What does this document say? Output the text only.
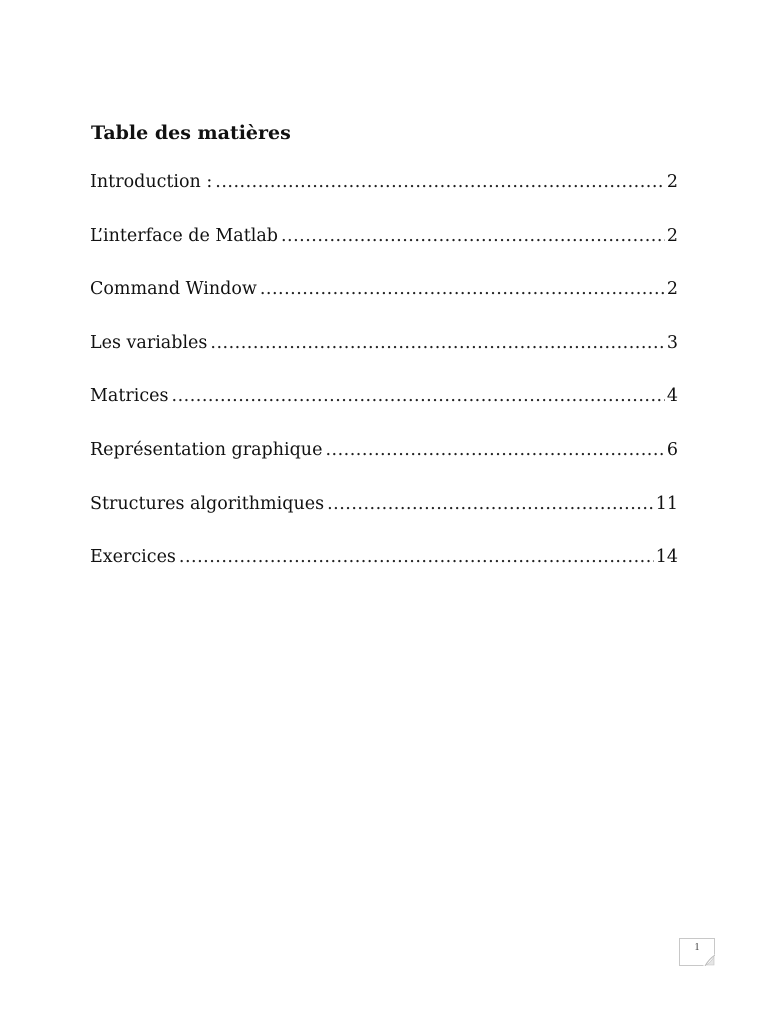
Table des matières
Introduction : .....	2
L’interface de Matlab .....	2
Command Window .....	2
Les variables .....	3
Matrices .....	4
Représentation graphique .....	6
Structures algorithmiques .....	11
Exercices .....	14
1
